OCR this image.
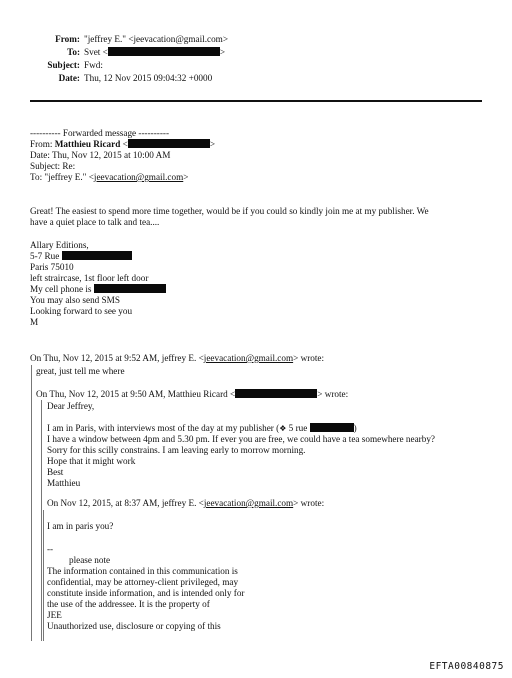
From: "jeffrey E." <jeevacation@gmail.com>
To: Svet <	>
Subject: Fwd:
Date: Thu, 12 Nov 2015 09:04:32 +0000
---------- Forwarded message ----------
From: Matthieu Ricard <	>
Date: Thu, Nov 12, 2015 at 10:00 AM
Subject: Re:
To: "jeffrey E." <jeevacation@gmail.com>
Great! The easiest to spend more time together, would be if you could so kindly join me at my publisher. We
have a quiet place to talk and tea....
Allary Editions,
5-7 Rue
Paris 75010
left straircase, 1st floor left door
My cell phone is
You may also send SMS
Looking forward to see you
M
On Thu, Nov 12, 2015 at 9:52 AM, jeffrey E. <jeevacation@gmail.com> wrote:
great, just tell me where
On Thu, Nov 12, 2015 at 9:50 AM, Matthieu Ricard <	> wrote:
Dear Jeffrey,
I am in Paris, with interviews most of the day at my publisher (❖ 5 rue	)
I have a window between 4pm and 5.30 pm. If ever you are free, we could have a tea somewhere nearby?
Sorry for this scilly constrains. I am leaving early to morrow morning.
Hope that it might work
Best
Matthieu
On Nov 12, 2015, at 8:37 AM, jeffrey E. <jeevacation@gmail.com> wrote:
I am in paris you?
--
please note
The information contained in this communication is
confidential, may be attorney-client privileged, may
constitute inside information, and is intended only for
the use of the addressee. It is the property of
JEE
Unauthorized use, disclosure or copying of this
EFTA00840875
